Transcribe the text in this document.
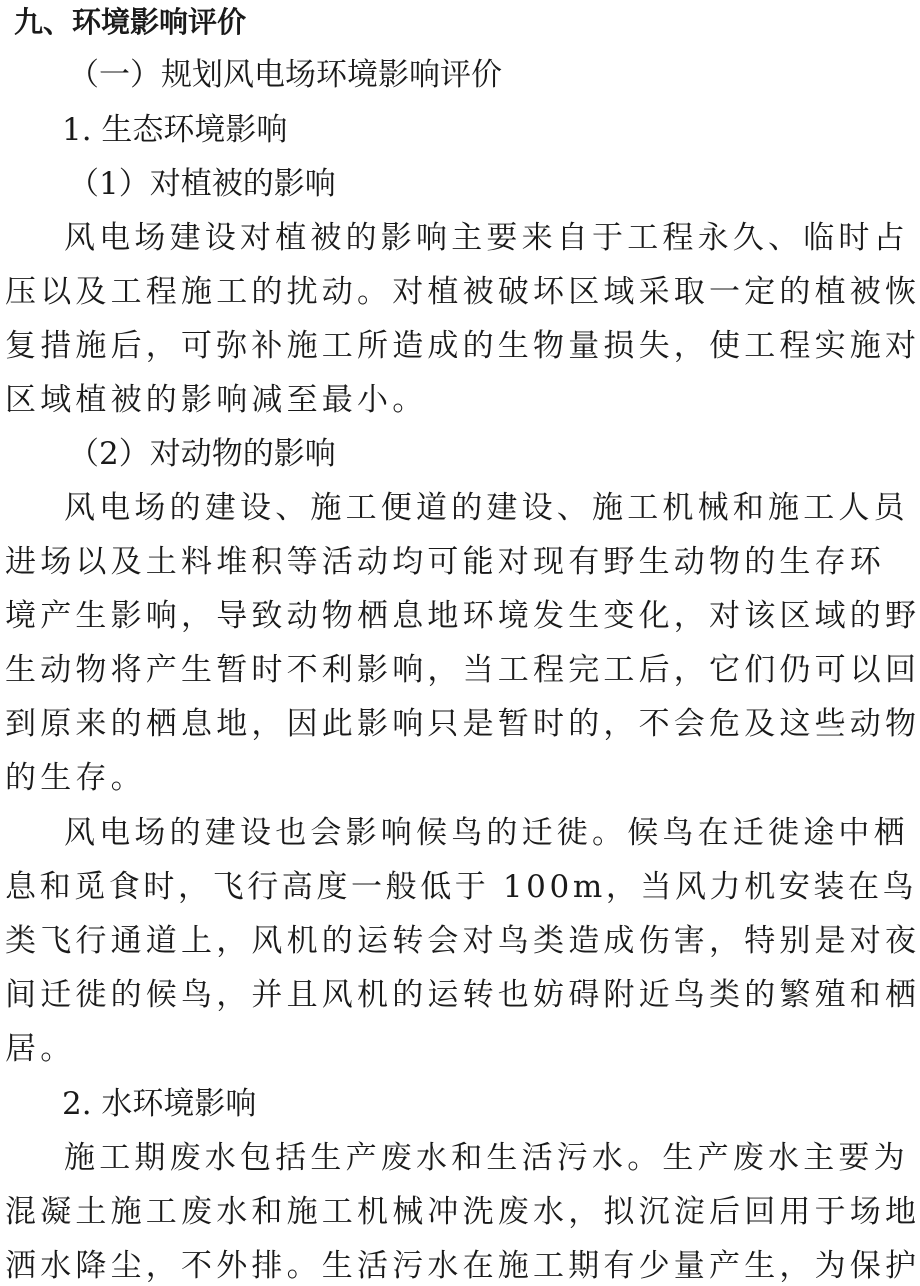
九、环境影响评价
（一）规划风电场环境影响评价
1. 生态环境影响
（1）对植被的影响
风电场建设对植被的影响主要来自于工程永久、临时占
压以及工程施工的扰动。对植被破坏区域采取一定的植被恢
复措施后，可弥补施工所造成的生物量损失，使工程实施对
区域植被的影响减至最小。
（2）对动物的影响
风电场的建设、施工便道的建设、施工机械和施工人员
进场以及土料堆积等活动均可能对现有野生动物的生存环
境产生影响，导致动物栖息地环境发生变化，对该区域的野
生动物将产生暂时不利影响，当工程完工后，它们仍可以回
到原来的栖息地，因此影响只是暂时的，不会危及这些动物
的生存。
风电场的建设也会影响候鸟的迁徙。候鸟在迁徙途中栖
息和觅食时，飞行高度一般低于 100m，当风力机安装在鸟
类飞行通道上，风机的运转会对鸟类造成伤害，特别是对夜
间迁徙的候鸟，并且风机的运转也妨碍附近鸟类的繁殖和栖
居。
2. 水环境影响
施工期废水包括生产废水和生活污水。生产废水主要为
混凝土施工废水和施工机械冲洗废水，拟沉淀后回用于场地
洒水降尘，不外排。生活污水在施工期有少量产生，为保护
